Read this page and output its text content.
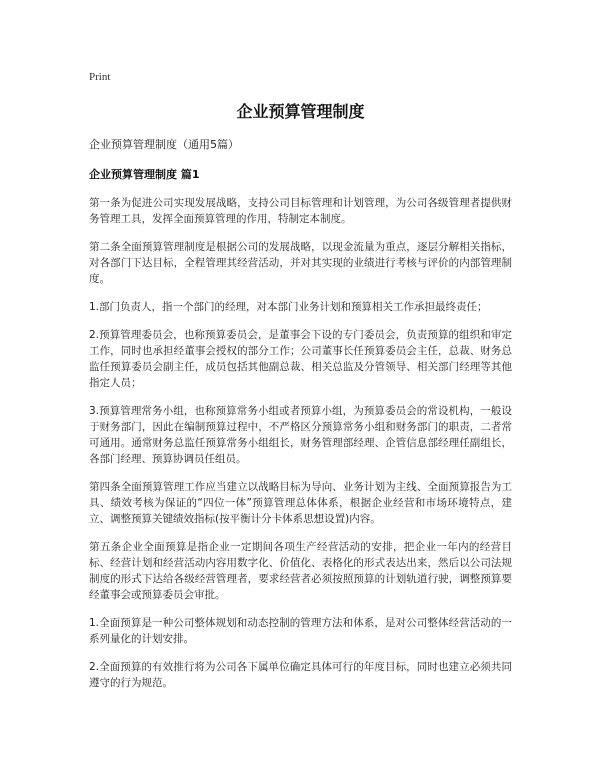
Print
企业预算管理制度
企业预算管理制度（通用5篇）
企业预算管理制度 篇1

第一条为促进公司实现发展战略，支持公司目标管理和计划管理，为公司各级管理者提供财务管理工具，发挥全面预算管理的作用，特制定本制度。

第二条全面预算管理制度是根据公司的发展战略，以现金流量为重点，逐层分解相关指标，对各部门下达目标，全程管理其经营活动，并对其实现的业绩进行考核与评价的内部管理制度。

1.部门负责人，指一个部门的经理，对本部门业务计划和预算相关工作承担最终责任；

2.预算管理委员会，也称预算委员会，是董事会下设的专门委员会，负责预算的组织和审定工作，同时也承担经董事会授权的部分工作；公司董事长任预算委员会主任，总裁、财务总监任预算委员会副主任，成员包括其他副总裁、相关总监及分管领导、相关部门经理等其他指定人员；

3.预算管理常务小组，也称预算常务小组或者预算小组，为预算委员会的常设机构，一般设于财务部门，因此在编制预算过程中，不严格区分预算常务小组和财务部门的职责，二者常可通用。通常财务总监任预算常务小组组长，财务管理部经理、企管信息部经理任副组长，各部门经理、预算协调员任组员。

第四条全面预算管理工作应当建立以战略目标为导向、业务计划为主线、全面预算报告为工具、绩效考核为保证的“四位一体”预算管理总体体系，根据企业经营和市场环境特点，建立、调整预算关键绩效指标(按平衡计分卡体系思想设置)内容。

第五条企业全面预算是指企业一定期间各项生产经营活动的安排，把企业一年内的经营目标、经营计划和经营活动内容用数字化、价值化、表格化的形式表达出来，然后以公司法规制度的形式下达给各级经营管理者，要求经营者必须按照预算的计划轨道行驶，调整预算要经董事会或预算委员会审批。

1.全面预算是一种公司整体规划和动态控制的管理方法和体系，是对公司整体经营活动的一系列量化的计划安排。

2.全面预算的有效推行将为公司各下属单位确定具体可行的年度目标，同时也建立必须共同遵守的行为规范。
